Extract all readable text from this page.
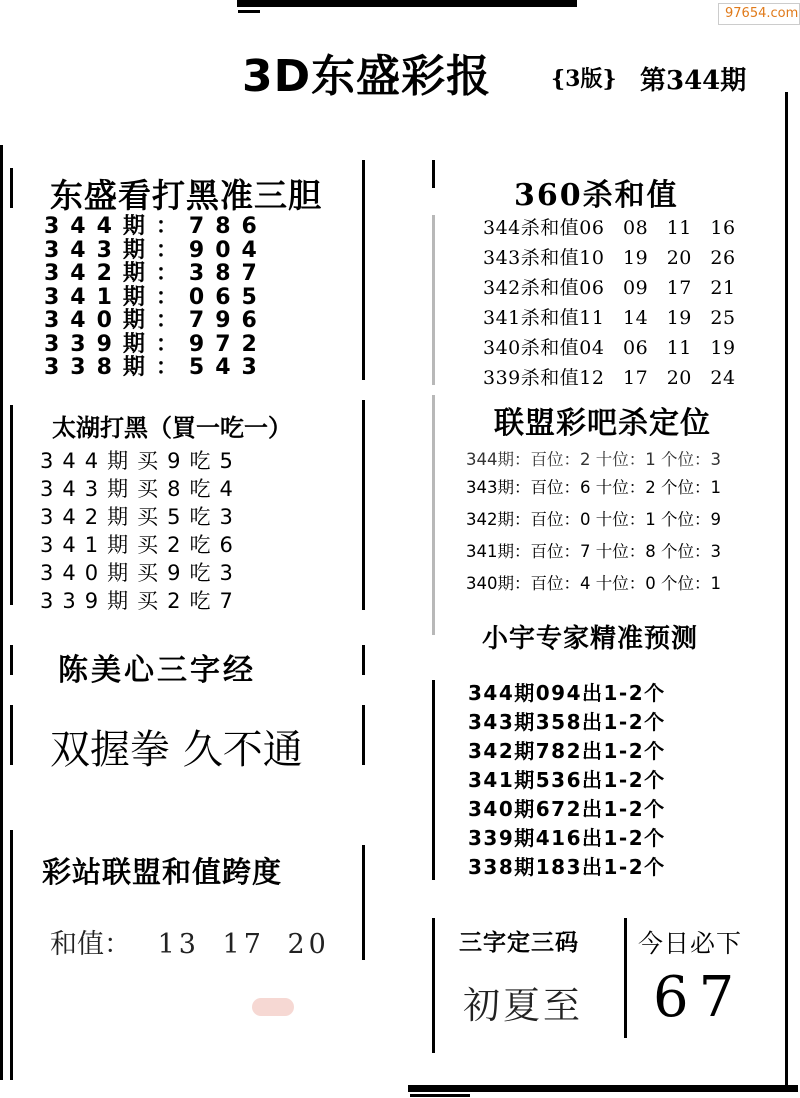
97654.com
3D东盛彩报	{3版} 第344期
东盛看打黑准三胆
344期：786
343期：904
342期：387
341期：065
340期：796
339期：972
338期：543
太湖打黑（買一吃一）
344期买9吃5
343期买8吃4
342期买5吃3
341期买2吃6
340期买9吃3
339期买2吃7
陈美心三字经
双握拳 久不通
彩站联盟和值跨度
和值： 13 17 20
360杀和值
344杀和值06 08 11 16
343杀和值10 19 20 26
342杀和值06 09 17 21
341杀和值11 14 19 25
340杀和值04 06 11 19
339杀和值12 17 20 24
联盟彩吧杀定位
344期：百位：2 十位：1 个位：3
343期：百位：6 十位：2 个位：1
342期：百位：0 十位：1 个位：9
341期：百位：7 十位：8 个位：3
340期：百位：4 十位：0 个位：1
小宇专家精准预测
344期094出1-2个
343期358出1-2个
342期782出1-2个
341期536出1-2个
340期672出1-2个
339期416出1-2个
338期183出1-2个
三字定三码
初夏至
今日必下
67
